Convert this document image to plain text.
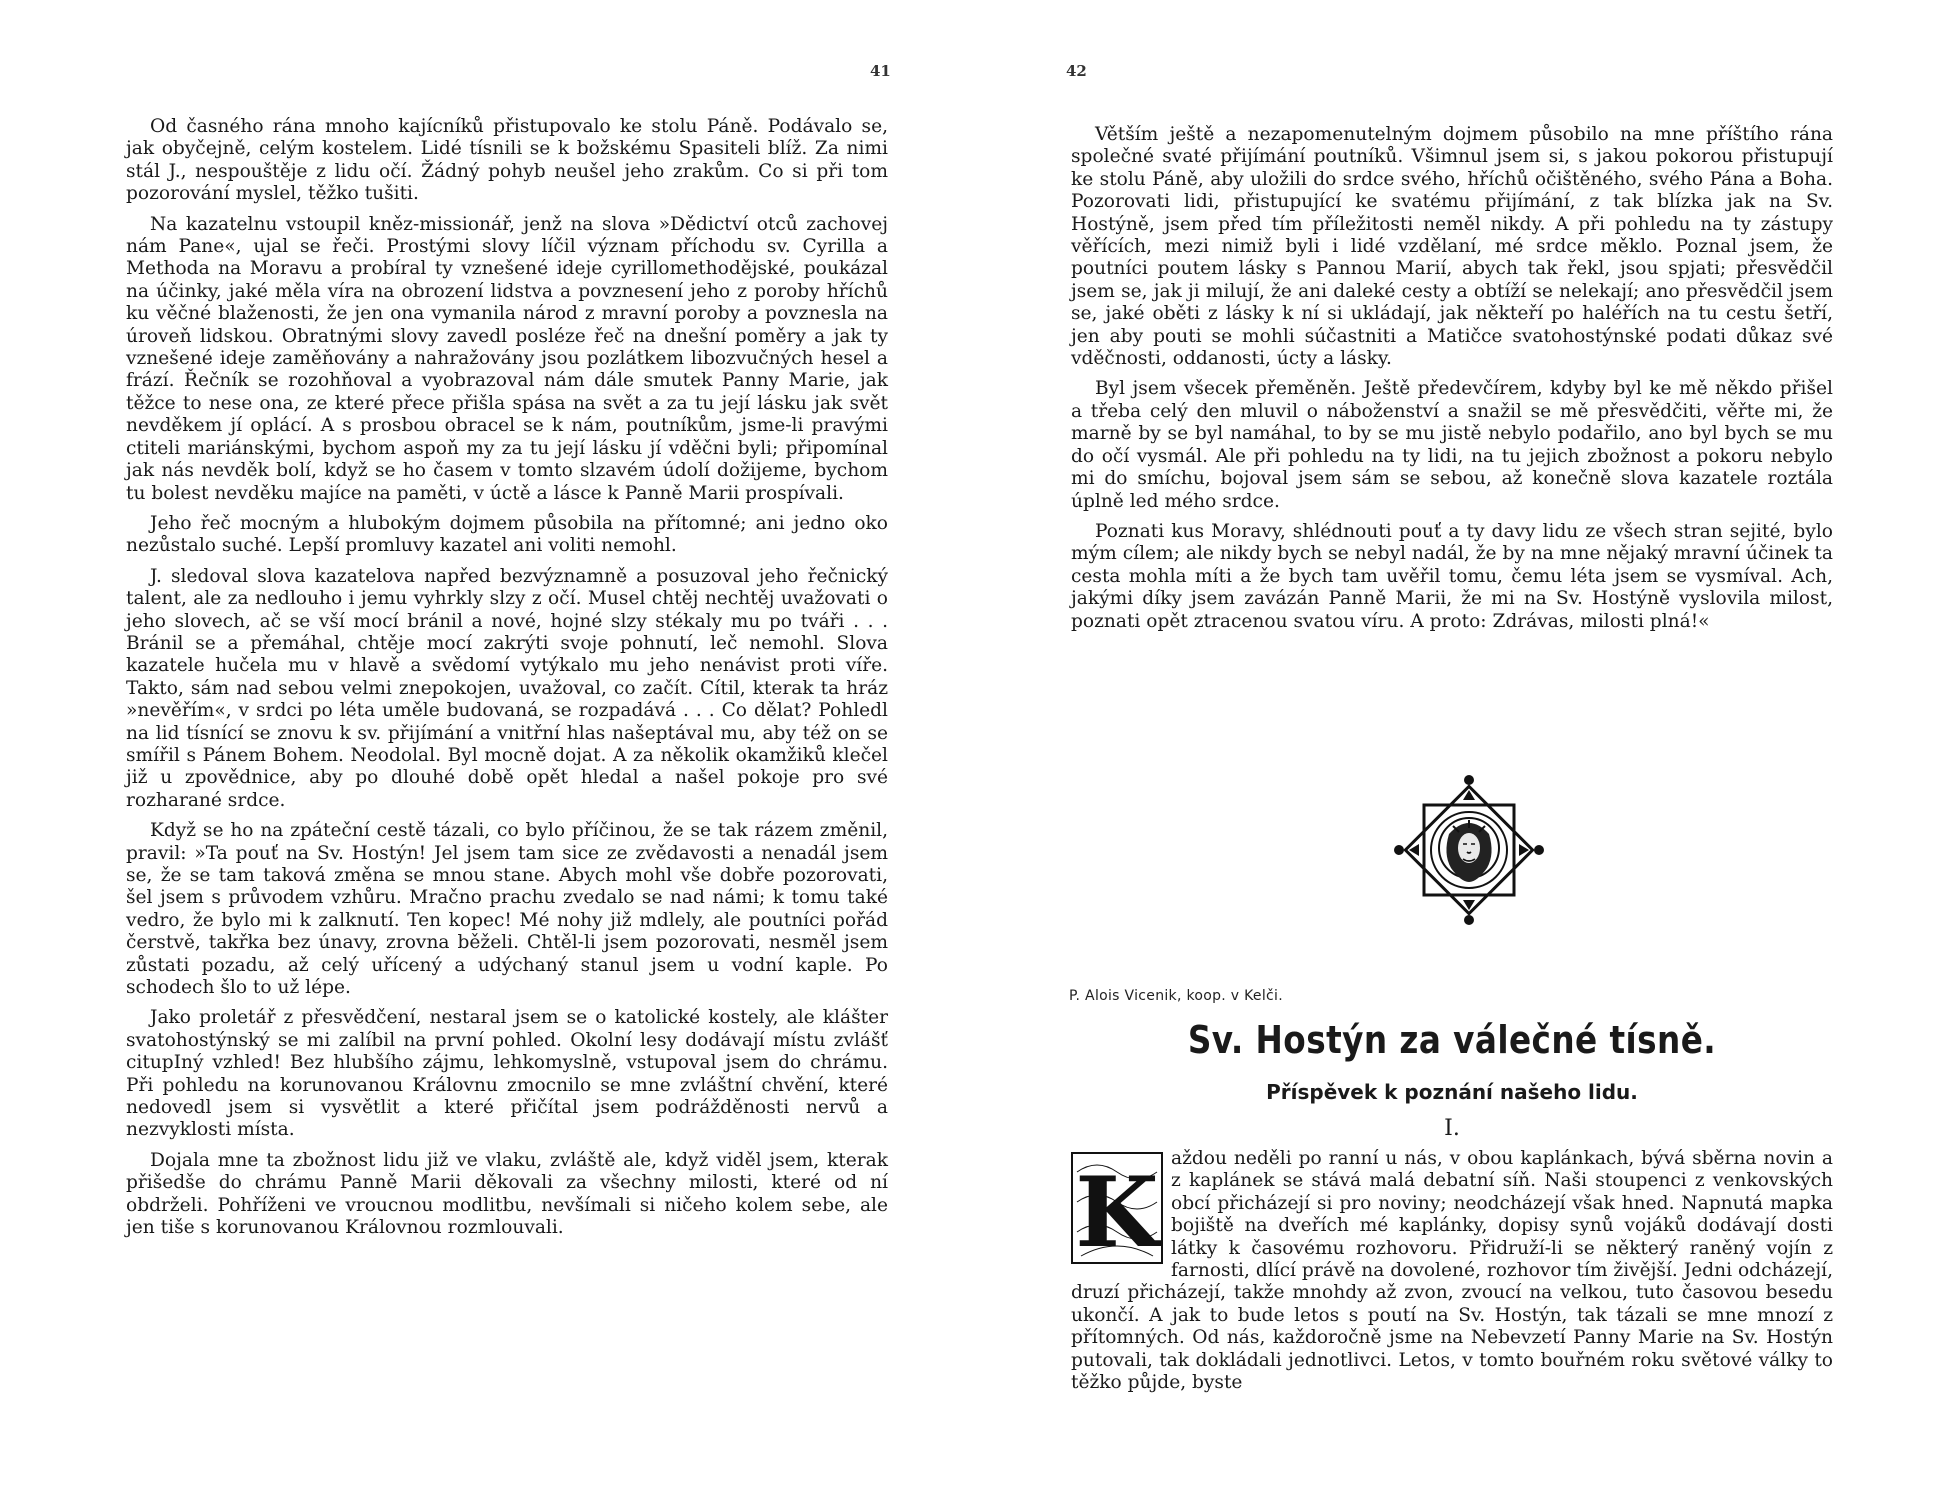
41

Od časného rána mnoho kajícníků přistupovalo ke stolu Páně. Podávalo se, jak obyčejně, celým kostelem. Lidé tísnili se k božskému Spasiteli blíž. Za nimi stál J., nespouštěje z lidu očí. Žádný pohyb neušel jeho zrakům. Co si při tom pozorování myslel, těžko tušiti.

Na kazatelnu vstoupil kněz-missionář, jenž na slova »Dědictví otců zachovej nám Pane«, ujal se řeči. Prostými slovy líčil význam příchodu sv. Cyrilla a Methoda na Moravu a probíral ty vznešené ideje cyrillomethodějské, poukázal na účinky, jaké měla víra na obrození lidstva a povznesení jeho z poroby hříchů ku věčné blaženosti, že jen ona vymanila národ z mravní poroby a povznesla na úroveň lidskou. Obratnými slovy zavedl posléze řeč na dnešní poměry a jak ty vznešené ideje zaměňovány a nahražovány jsou pozlátkem libozvučných hesel a frází. Řečník se rozohňoval a vyobrazoval nám dále smutek Panny Marie, jak těžce to nese ona, ze které přece přišla spása na svět a za tu její lásku jak svět nevděkem jí oplácí. A s prosbou obracel se k nám, poutníkům, jsme-li pravými ctiteli mariánskými, bychom aspoň my za tu její lásku jí vděčni byli; připomínal jak nás nevděk bolí, když se ho časem v tomto slzavém údolí dožijeme, bychom tu bolest nevděku majíce na paměti, v úctě a lásce k Panně Marii prospívali.

Jeho řeč mocným a hlubokým dojmem působila na přítomné; ani jedno oko nezůstalo suché. Lepší promluvy kazatel ani voliti nemohl.

J. sledoval slova kazatelova napřed bezvýznamně a posuzoval jeho řečnický talent, ale za nedlouho i jemu vyhrkly slzy z očí. Musel chtěj nechtěj uvažovati o jeho slovech, ač se vší mocí bránil a nové, hojné slzy stékaly mu po tváři . . . Bránil se a přemáhal, chtěje mocí zakrýti svoje pohnutí, leč nemohl. Slova kazatele hučela mu v hlavě a svědomí vytýkalo mu jeho nenávist proti víře. Takto, sám nad sebou velmi znepokojen, uvažoval, co začít. Cítil, kterak ta hráz »nevěřím«, v srdci po léta uměle budovaná, se rozpadává . . . Co dělat? Pohledl na lid tísnící se znovu k sv. přijímání a vnitřní hlas našeptával mu, aby též on se smířil s Pánem Bohem. Neodolal. Byl mocně dojat. A za několik okamžiků klečel již u zpovědnice, aby po dlouhé době opět hledal a našel pokoje pro své rozharané srdce.

Když se ho na zpáteční cestě tázali, co bylo příčinou, že se tak rázem změnil, pravil: »Ta pouť na Sv. Hostýn! Jel jsem tam sice ze zvědavosti a nenadál jsem se, že se tam taková změna se mnou stane. Abych mohl vše dobře pozorovati, šel jsem s průvodem vzhůru. Mračno prachu zvedalo se nad námi; k tomu také vedro, že bylo mi k zalknutí. Ten kopec! Mé nohy již mdlely, ale poutníci pořád čerstvě, takřka bez únavy, zrovna běželi. Chtěl-li jsem pozorovati, nesměl jsem zůstati pozadu, až celý uřícený a udýchaný stanul jsem u vodní kaple. Po schodech šlo to už lépe.

Jako proletář z přesvědčení, nestaral jsem se o katolické kostely, ale klášter svatohostýnský se mi zalíbil na první pohled. Okolní lesy dodávají místu zvlášť citupIný vzhled! Bez hlubšího zájmu, lehkomyslně, vstupoval jsem do chrámu. Při pohledu na korunovanou Královnu zmocnilo se mne zvláštní chvění, které nedovedl jsem si vysvětlit a které přičítal jsem podrážděnosti nervů a nezvyklosti místa.

Dojala mne ta zbožnost lidu již ve vlaku, zvláště ale, když viděl jsem, kterak přišedše do chrámu Panně Marii děkovali za všechny milosti, které od ní obdrželi. Pohříženi ve vroucnou modlitbu, nevšímali si ničeho kolem sebe, ale jen tiše s korunovanou Královnou rozmlouvali.

42

Větším ještě a nezapomenutelným dojmem působilo na mne příštího rána společné svaté přijímání poutníků. Všimnul jsem si, s jakou pokorou přistupují ke stolu Páně, aby uložili do srdce svého, hříchů očištěného, svého Pána a Boha. Pozorovati lidi, přistupující ke svatému přijímání, z tak blízka jak na Sv. Hostýně, jsem před tím příležitosti neměl nikdy. A při pohledu na ty zástupy věřících, mezi nimiž byli i lidé vzdělaní, mé srdce měklo. Poznal jsem, že poutníci poutem lásky s Pannou Marií, abych tak řekl, jsou spjati; přesvědčil jsem se, jak ji milují, že ani daleké cesty a obtíží se nelekají; ano přesvědčil jsem se, jaké oběti z lásky k ní si ukládají, jak někteří po haléřích na tu cestu šetří, jen aby pouti se mohli súčastniti a Matičce svatohostýnské podati důkaz své vděčnosti, oddanosti, úcty a lásky.

Byl jsem všecek přeměněn. Ještě předevčírem, kdyby byl ke mě někdo přišel a třeba celý den mluvil o náboženství a snažil se mě přesvědčiti, věřte mi, že marně by se byl namáhal, to by se mu jistě nebylo podařilo, ano byl bych se mu do očí vysmál. Ale při pohledu na ty lidi, na tu jejich zbožnost a pokoru nebylo mi do smíchu, bojoval jsem sám se sebou, až konečně slova kazatele roztála úplně led mého srdce.

Poznati kus Moravy, shlédnouti pouť a ty davy lidu ze všech stran sejité, bylo mým cílem; ale nikdy bych se nebyl nadál, že by na mne nějaký mravní účinek ta cesta mohla míti a že bych tam uvěřil tomu, čemu léta jsem se vysmíval. Ach, jakými díky jsem zavázán Panně Marii, že mi na Sv. Hostýně vyslovila milost, poznati opět ztracenou svatou víru. A proto: Zdrávas, milosti plná!«

P. Alois Vicenik, koop. v Kelči.
Sv. Hostýn za válečné tísně.
Příspěvek k poznání našeho lidu.
I.
K aždou neděli po ranní u nás, v obou kaplánkach, bývá sběrna novin a z kaplánek se stává malá debatní síň. Naši stoupenci z venkovských obcí přicházejí si pro noviny; neodcházejí však hned. Napnutá mapka bojiště na dveřích mé kaplánky, dopisy synů vojáků dodávají dosti látky k časovému rozhovoru. Přidruží-li se některý raněný vojín z farnosti, dlící právě na dovolené, rozhovor tím živější. Jedni odcházejí, druzí přicházejí, takže mnohdy až zvon, zvoucí na velkou, tuto časovou besedu ukončí. A jak to bude letos s poutí na Sv. Hostýn, tak tázali se mne mnozí z přítomných. Od nás, každoročně jsme na Nebevzetí Panny Marie na Sv. Hostýn putovali, tak dokládali jednotlivci. Letos, v tomto bouřném roku světové války to těžko půjde, byste
